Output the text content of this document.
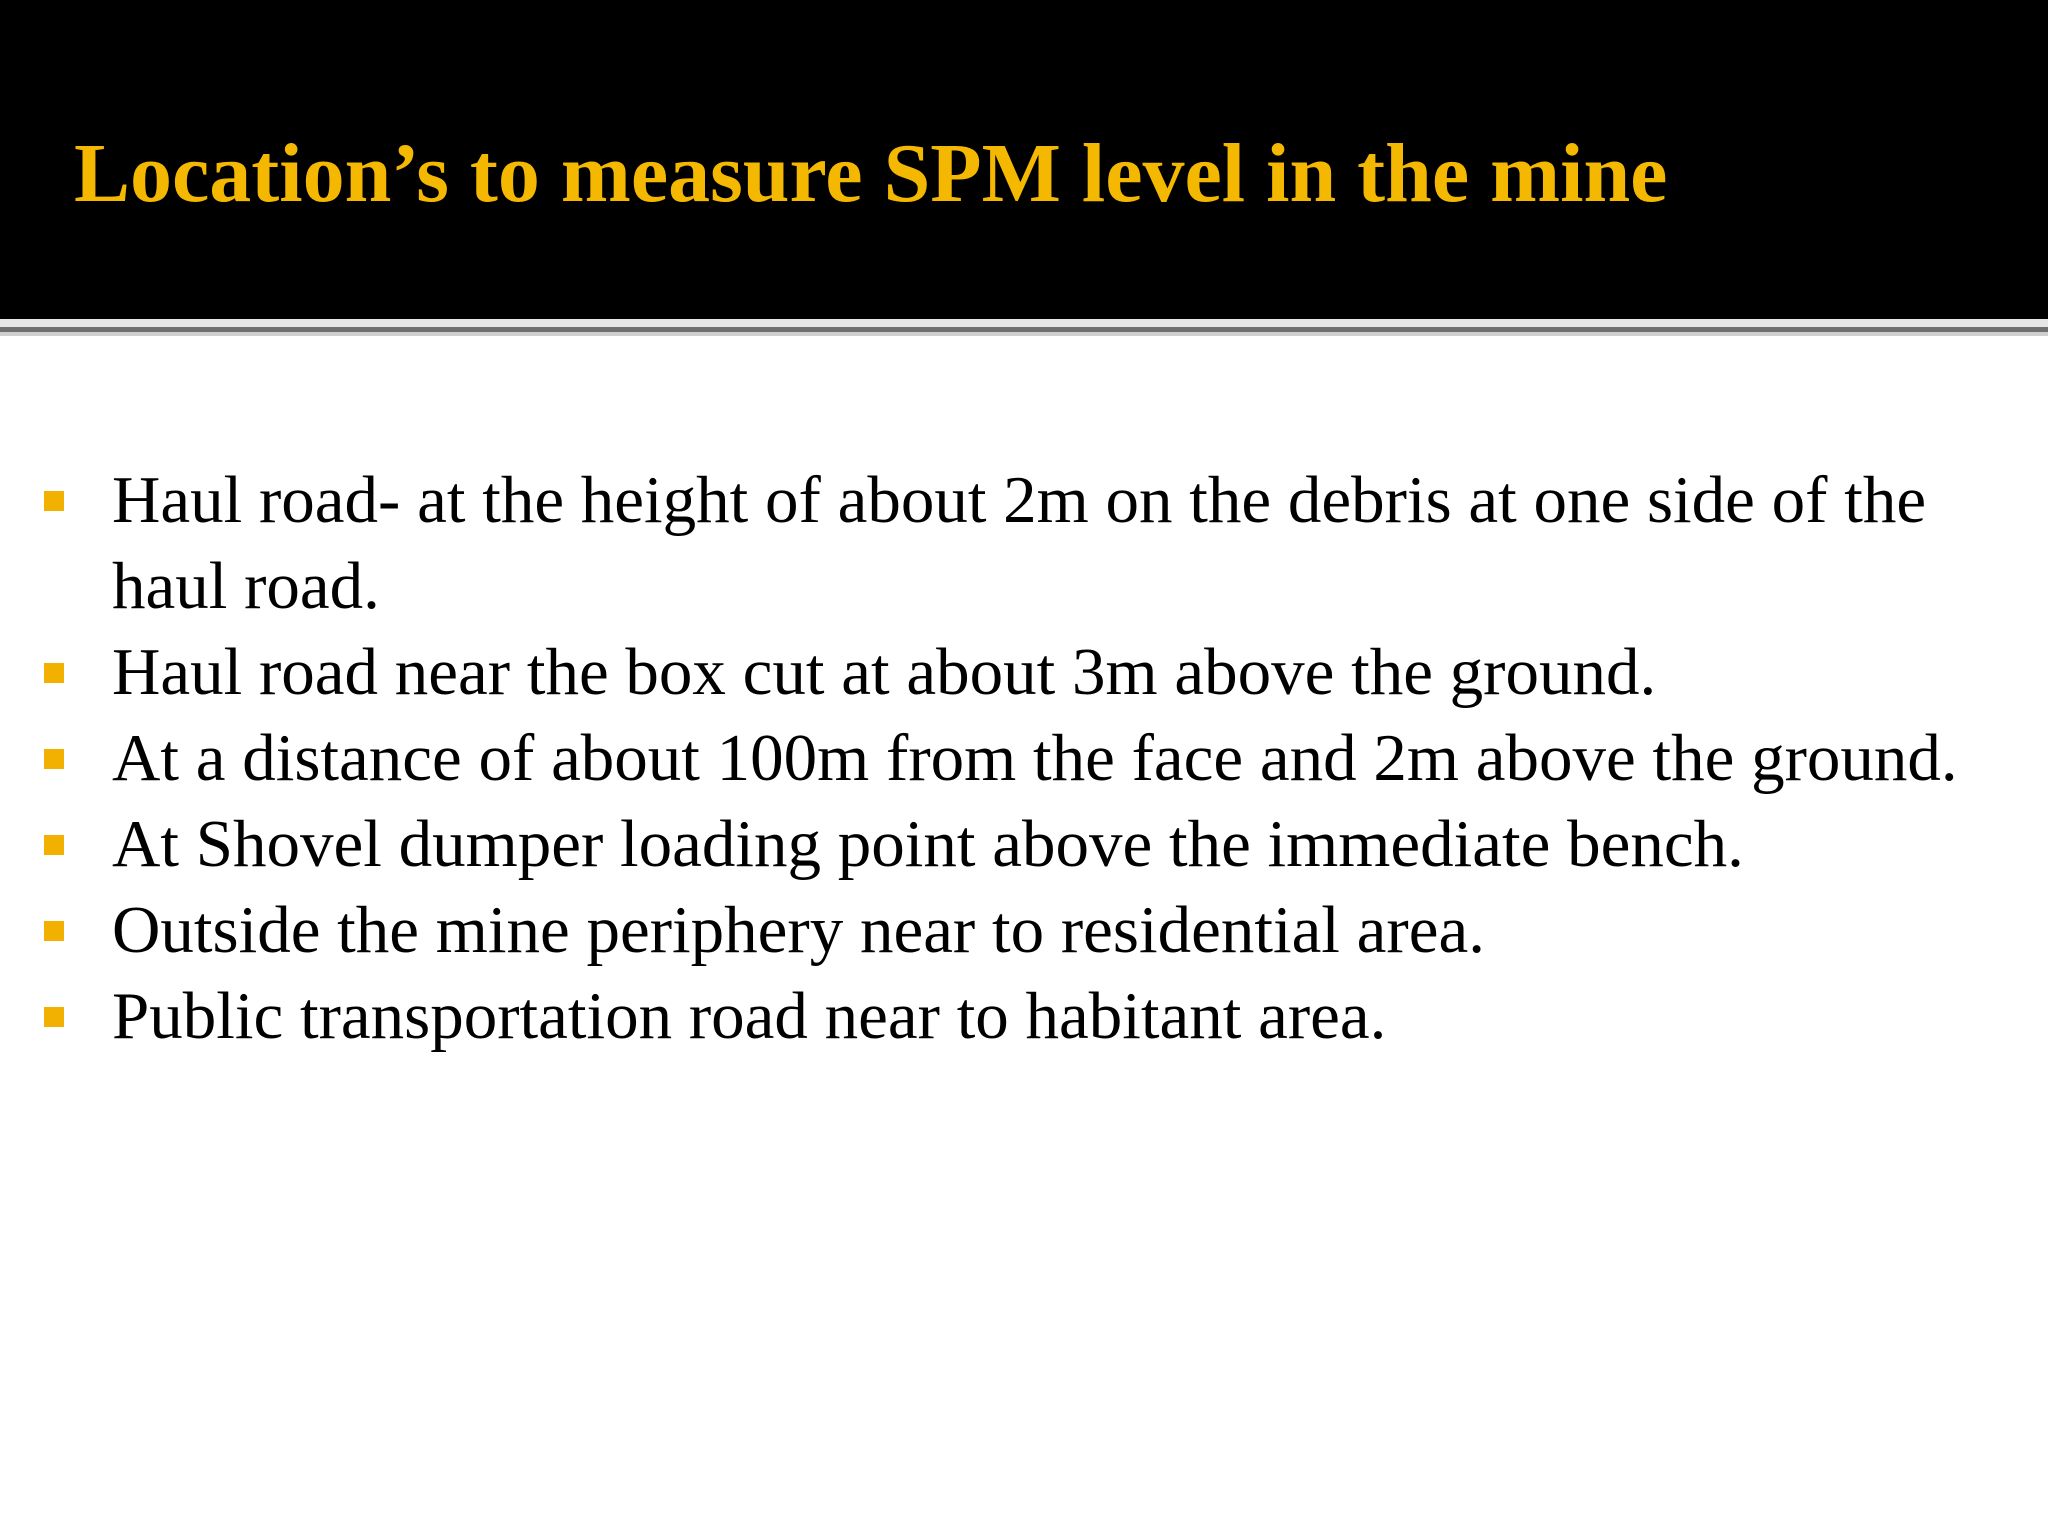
Location’s to measure SPM level in the mine
Haul road- at the height of about 2m on the debris at one side of the haul road.
Haul road near the box cut at about 3m above the ground.
At a distance of about 100m from the face and 2m above the ground.
At Shovel dumper loading point above the immediate bench.
Outside the mine periphery near to residential area.
Public transportation road near to habitant area.
